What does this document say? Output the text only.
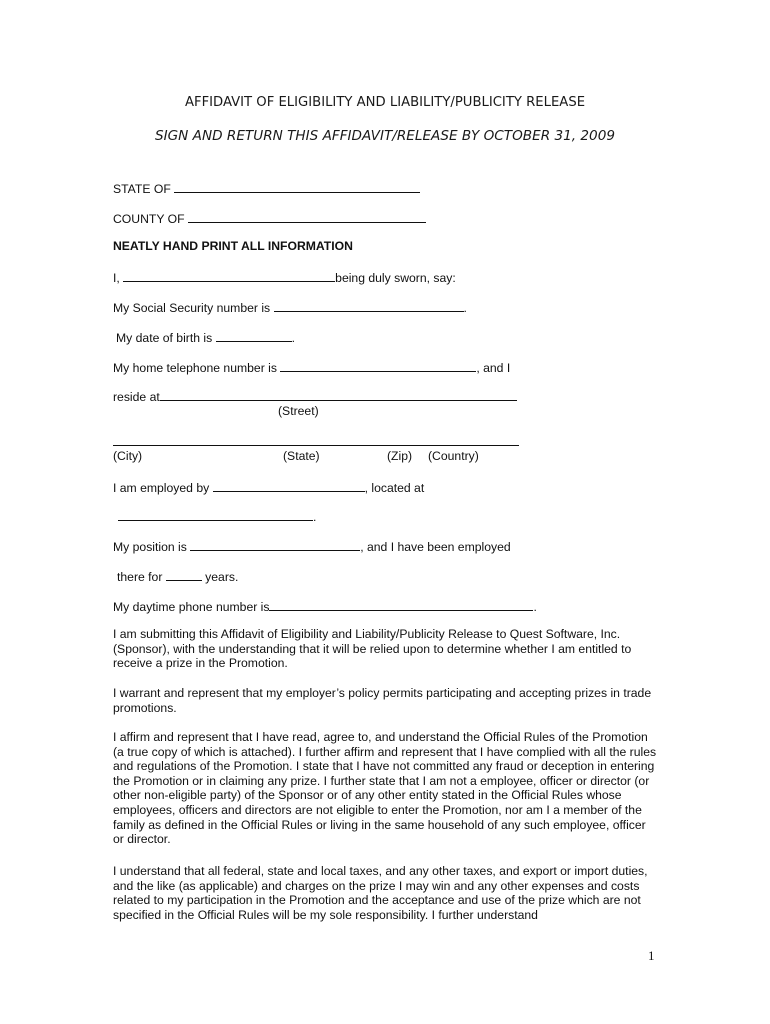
AFFIDAVIT OF ELIGIBILITY AND LIABILITY/PUBLICITY RELEASE
SIGN AND RETURN THIS AFFIDAVIT/RELEASE BY OCTOBER 31, 2009
STATE OF
COUNTY OF
NEATLY HAND PRINT ALL INFORMATION
I,	being duly sworn, say:
My Social Security number is	.
My date of birth is	.
My home telephone number is	, and I
reside at
(Street)
(City)	(State)	(Zip) (Country)
I am employed by	, located at
.
My position is	, and I have been employed
there for	years.
My daytime phone number is	.

I am submitting this Affidavit of Eligibility and Liability/Publicity Release to Quest Software, Inc. (Sponsor), with the understanding that it will be relied upon to determine whether I am entitled to receive a prize in the Promotion.

I warrant and represent that my employer’s policy permits participating and accepting prizes in trade promotions.

I affirm and represent that I have read, agree to, and understand the Official Rules of the Promotion (a true copy of which is attached). I further affirm and represent that I have complied with all the rules and regulations of the Promotion. I state that I have not committed any fraud or deception in entering the Promotion or in claiming any prize. I further state that I am not a employee, officer or director (or other non-eligible party) of the Sponsor or of any other entity stated in the Official Rules whose employees, officers and directors are not eligible to enter the Promotion, nor am I a member of the family as defined in the Official Rules or living in the same household of any such employee, officer or director.

I understand that all federal, state and local taxes, and any other taxes, and export or import duties, and the like (as applicable) and charges on the prize I may win and any other expenses and costs related to my participation in the Promotion and the acceptance and use of the prize which are not specified in the Official Rules will be my sole responsibility. I further understand

1
